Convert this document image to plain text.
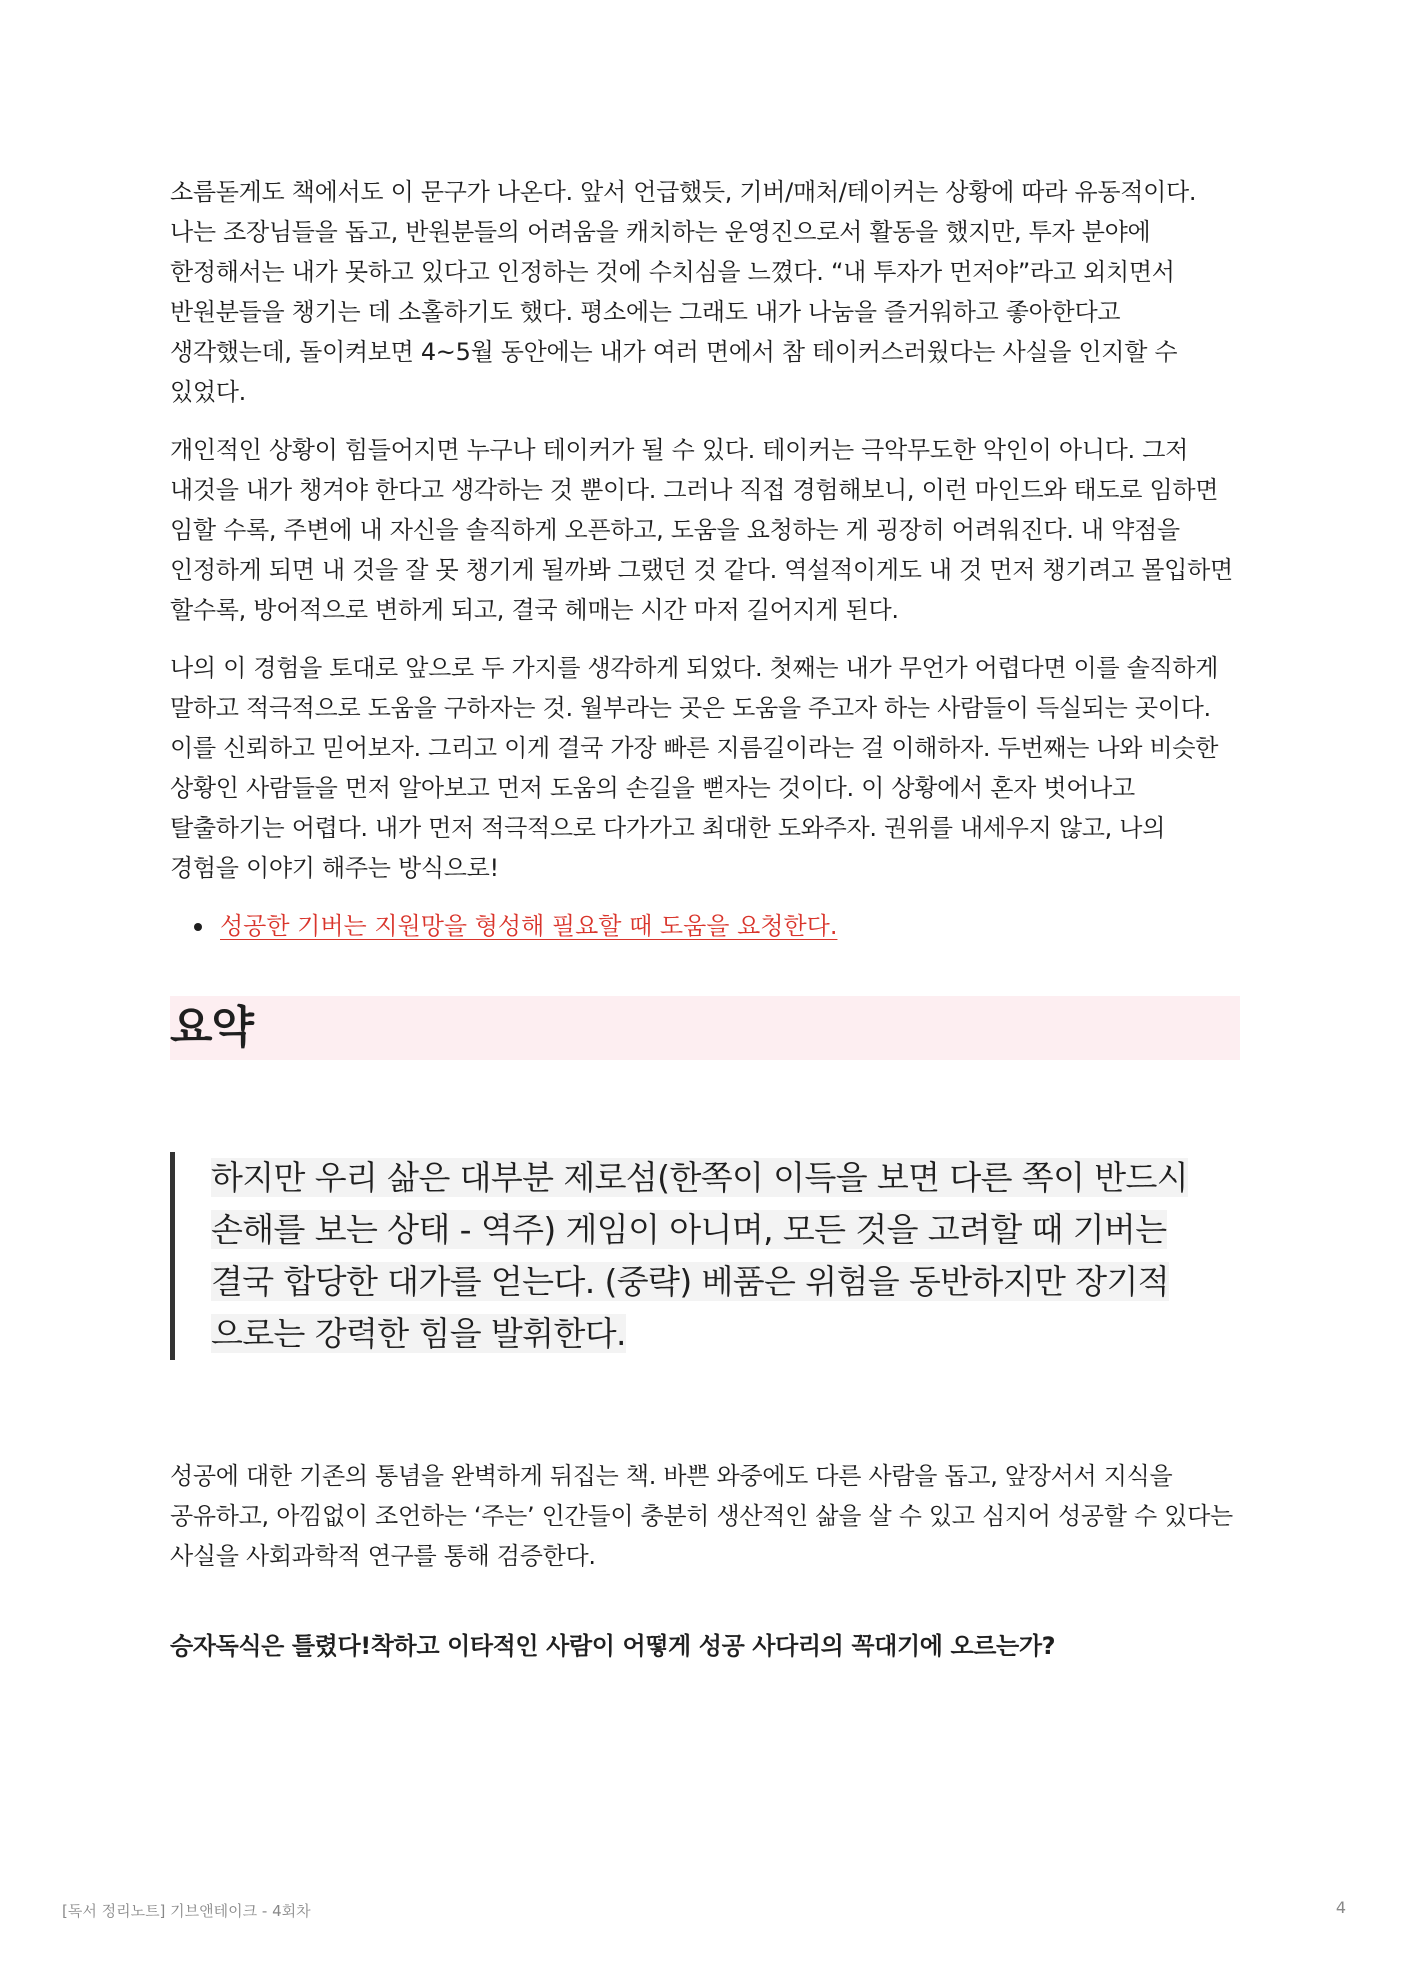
소름돋게도 책에서도 이 문구가 나온다. 앞서 언급했듯, 기버/매처/테이커는 상황에 따라 유동적이다. 나는 조장님들을 돕고, 반원분들의 어려움을 캐치하는 운영진으로서 활동을 했지만, 투자 분야에 한정해서는 내가 못하고 있다고 인정하는 것에 수치심을 느꼈다. “내 투자가 먼저야”라고 외치면서 반원분들을 챙기는 데 소홀하기도 했다. 평소에는 그래도 내가 나눔을 즐거워하고 좋아한다고 생각했는데, 돌이켜보면 4~5월 동안에는 내가 여러 면에서 참 테이커스러웠다는 사실을 인지할 수 있었다.

개인적인 상황이 힘들어지면 누구나 테이커가 될 수 있다. 테이커는 극악무도한 악인이 아니다. 그저 내것을 내가 챙겨야 한다고 생각하는 것 뿐이다. 그러나 직접 경험해보니, 이런 마인드와 태도로 임하면 임할 수록, 주변에 내 자신을 솔직하게 오픈하고, 도움을 요청하는 게 굉장히 어려워진다. 내 약점을 인정하게 되면 내 것을 잘 못 챙기게 될까봐 그랬던 것 같다. 역설적이게도 내 것 먼저 챙기려고 몰입하면 할수록, 방어적으로 변하게 되고, 결국 헤매는 시간 마저 길어지게 된다.

나의 이 경험을 토대로 앞으로 두 가지를 생각하게 되었다. 첫째는 내가 무언가 어렵다면 이를 솔직하게 말하고 적극적으로 도움을 구하자는 것. 월부라는 곳은 도움을 주고자 하는 사람들이 득실되는 곳이다. 이를 신뢰하고 믿어보자. 그리고 이게 결국 가장 빠른 지름길이라는 걸 이해하자. 두번째는 나와 비슷한 상황인 사람들을 먼저 알아보고 먼저 도움의 손길을 뻗자는 것이다. 이 상황에서 혼자 벗어나고 탈출하기는 어렵다. 내가 먼저 적극적으로 다가가고 최대한 도와주자. 권위를 내세우지 않고, 나의 경험을 이야기 해주는 방식으로!

성공한 기버는 지원망을 형성해 필요할 때 도움을 요청한다.
요약

하지만 우리 삶은 대부분 제로섬(한쪽이 이득을 보면 다른 쪽이 반드시
손해를 보는 상태 - 역주) 게임이 아니며, 모든 것을 고려할 때 기버는
결국 합당한 대가를 얻는다. (중략) 베품은 위험을 동반하지만 장기적
으로는 강력한 힘을 발휘한다.

성공에 대한 기존의 통념을 완벽하게 뒤집는 책. 바쁜 와중에도 다른 사람을 돕고, 앞장서서 지식을 공유하고, 아낌없이 조언하는 ‘주는’ 인간들이 충분히 생산적인 삶을 살 수 있고 심지어 성공할 수 있다는 사실을 사회과학적 연구를 통해 검증한다.

승자독식은 틀렸다!착하고 이타적인 사람이 어떻게 성공 사다리의 꼭대기에 오르는가?
[독서 정리노트] 기브앤테이크 - 4회차	4
